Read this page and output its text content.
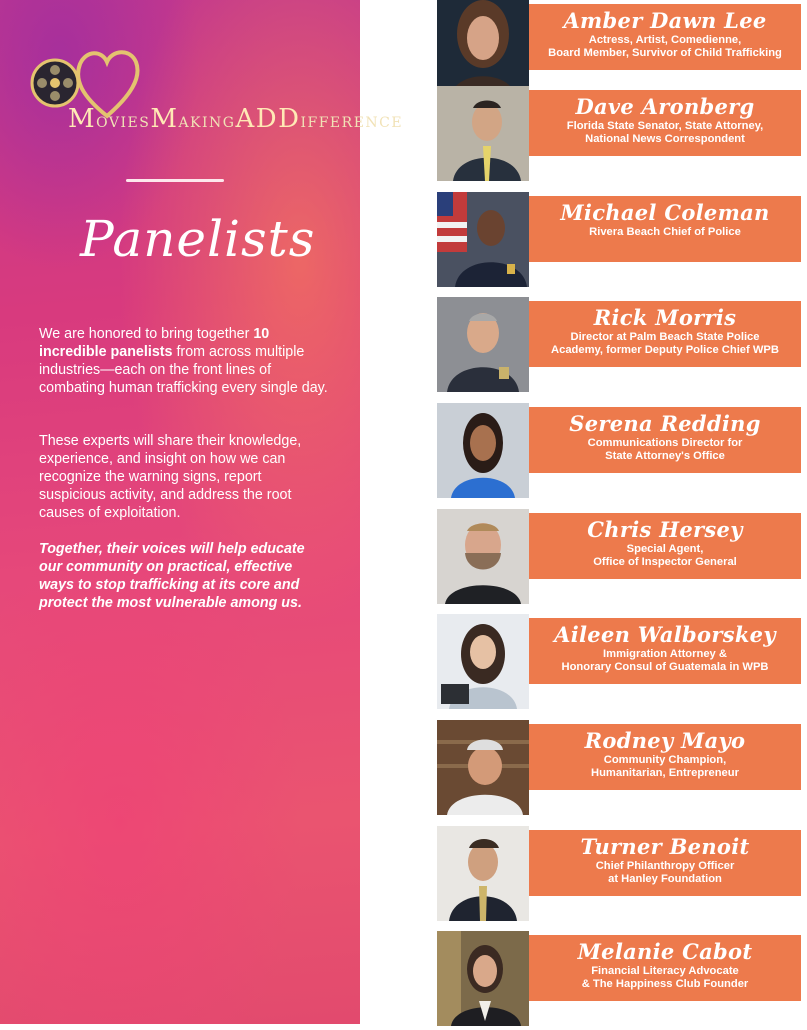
MOVIESMAKINGADDIFFERENCE
Panelists

We are honored to bring together 10 incredible panelists from across multiple industries—each on the front lines of combating human trafficking every single day.

These experts will share their knowledge, experience, and insight on how we can recognize the warning signs, report suspicious activity, and address the root causes of exploitation.

Together, their voices will help educate our community on practical, effective ways to stop trafficking at its core and protect the most vulnerable among us.

Amber Dawn Lee
Actress, Artist, Comedienne,
Board Member, Survivor of Child Trafficking
Dave Aronberg
Florida State Senator, State Attorney,
National News Correspondent
Michael Coleman
Rivera Beach Chief of Police
Rick Morris
Director at Palm Beach State Police
Academy, former Deputy Police Chief WPB
Serena Redding
Communications Director for
State Attorney's Office
Chris Hersey
Special Agent,
Office of Inspector General
Aileen Walborskey
Immigration Attorney &
Honorary Consul of Guatemala in WPB
Rodney Mayo
Community Champion,
Humanitarian, Entrepreneur
Turner Benoit
Chief Philanthropy Officer
at Hanley Foundation
Melanie Cabot
Financial Literacy Advocate
& The Happiness Club Founder
